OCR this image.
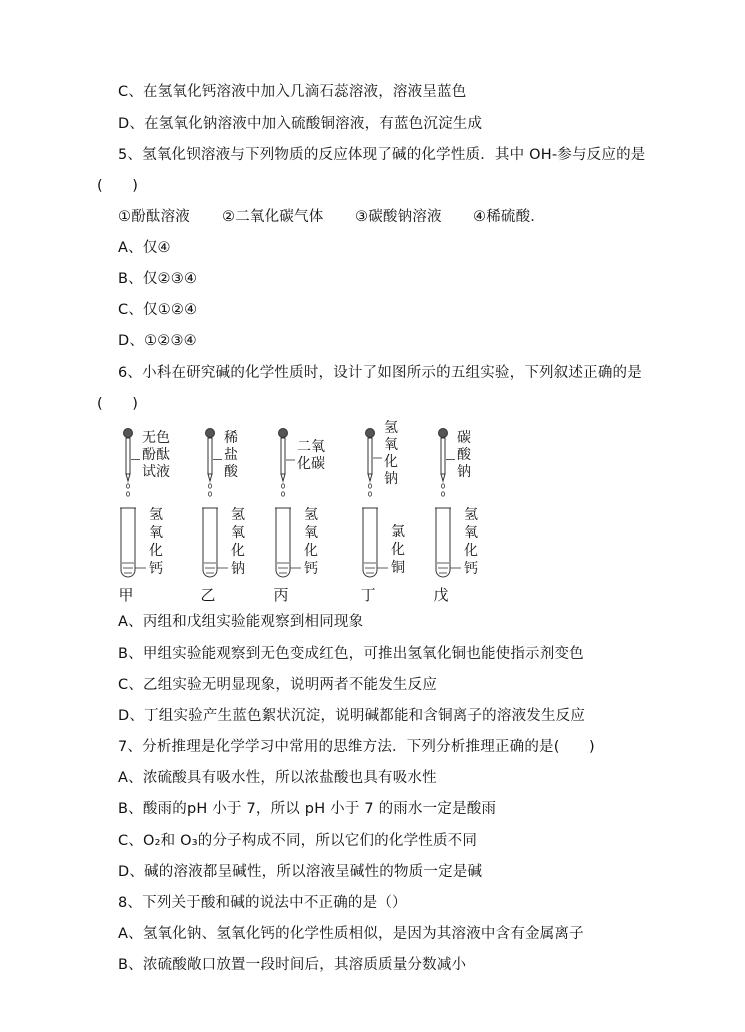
C、在氢氧化钙溶液中加入几滴石蕊溶液，溶液呈蓝色
D、在氢氧化钠溶液中加入硫酸铜溶液，有蓝色沉淀生成
5、氢氧化钡溶液与下列物质的反应体现了碱的化学性质．其中 OH-参与反应的是
(　　)
①酚酞溶液 ②二氧化碳气体 ③碳酸钠溶液 ④稀硫酸．
A、仅④
B、仅②③④
C、仅①②④
D、①②③④
6、小科在研究碱的化学性质时，设计了如图所示的五组实验，下列叙述正确的是
(　　)
无色
酚酞
试液
氢
氧
化
钙
甲
稀
盐
酸
氢
氧
化
钠
乙
二氧
化碳
氢
氧
化
钙
丙
氢
氧
化
钠
氯
化
铜
丁
碳
酸
钠
氢
氧
化
钙
戊
A、丙组和戊组实验能观察到相同现象
B、甲组实验能观察到无色变成红色，可推出氢氧化铜也能使指示剂变色
C、乙组实验无明显现象，说明两者不能发生反应
D、丁组实验产生蓝色絮状沉淀，说明碱都能和含铜离子的溶液发生反应
7、分析推理是化学学习中常用的思维方法．下列分析推理正确的是(　　)
A、浓硫酸具有吸水性，所以浓盐酸也具有吸水性
B、酸雨的pH 小于 7，所以 pH 小于 7 的雨水一定是酸雨
C、O₂和 O₃的分子构成不同，所以它们的化学性质不同
D、碱的溶液都呈碱性，所以溶液呈碱性的物质一定是碱
8、下列关于酸和碱的说法中不正确的是（）
A、氢氧化钠、氢氧化钙的化学性质相似，是因为其溶液中含有金属离子
B、浓硫酸敞口放置一段时间后，其溶质质量分数减小
